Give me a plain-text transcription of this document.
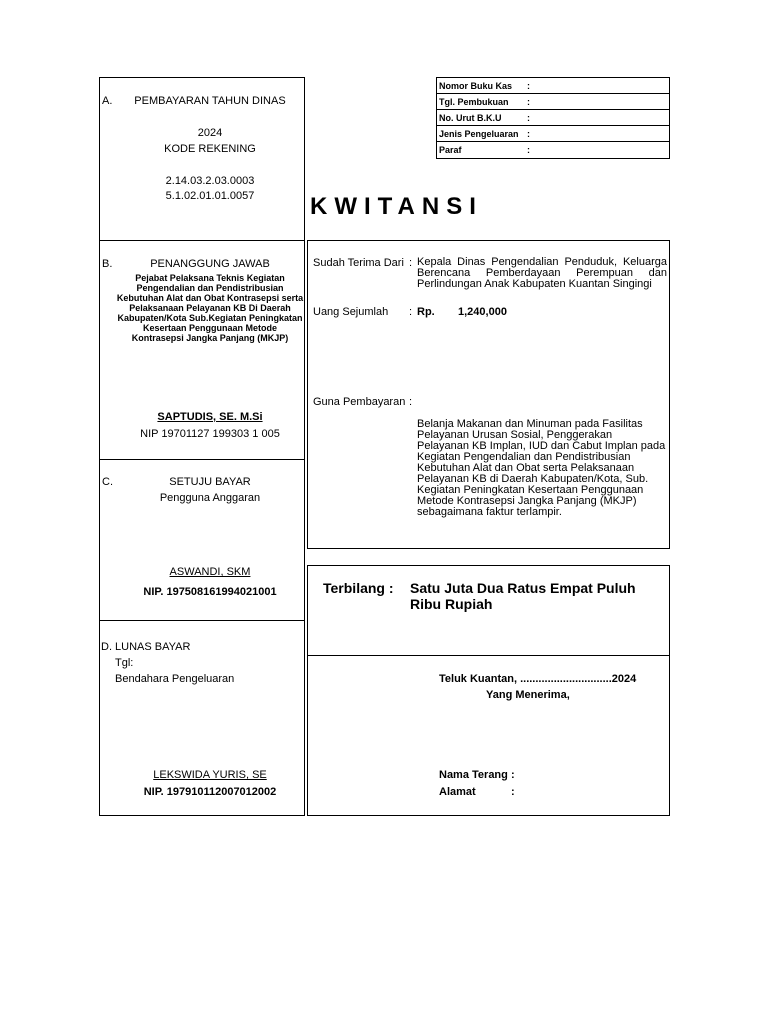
A.	PEMBAYARAN TAHUN DINAS
2024
KODE REKENING
2.14.03.2.03.0003
5.1.02.01.01.0057
B.	PENANGGUNG JAWAB
Pejabat Pelaksana Teknis Kegiatan Pengendalian dan Pendistribusian Kebutuhan Alat dan Obat Kontrasepsi serta Pelaksanaan Pelayanan KB Di Daerah Kabupaten/Kota Sub.Kegiatan Peningkatan Kesertaan Penggunaan Metode Kontrasepsi Jangka Panjang (MKJP)
SAPTUDIS, SE. M.Si
NIP 19701127 199303 1 005
C.	SETUJU BAYAR
Pengguna Anggaran
ASWANDI, SKM
NIP. 197508161994021001
D. LUNAS BAYAR
Tgl:
Bendahara Pengeluaran
LEKSWIDA YURIS, SE
NIP. 197910112007012002
Nomor Buku Kas :
Tgl. Pembukuan :
No. Urut B.K.U	:
Jenis Pengeluaran :
Paraf	:
KWITANSI
Sudah Terima Dari : Kepala Dinas Pengendalian Penduduk, Keluarga Berencana Pemberdayaan Perempuan dan Perlindungan Anak Kabupaten Kuantan Singingi
Uang Sejumlah : Rp. 1,240,000
Guna Pembayaran :
Belanja Makanan dan Minuman pada Fasilitas Pelayanan Urusan Sosial, Penggerakan Pelayanan KB Implan, IUD dan Cabut Implan pada Kegiatan Pengendalian dan Pendistribusian Kebutuhan Alat dan Obat serta Pelaksanaan Pelayanan KB di Daerah Kabupaten/Kota, Sub. Kegiatan Peningkatan Kesertaan Penggunaan Metode Kontrasepsi Jangka Panjang (MKJP) sebagaimana faktur terlampir.
Terbilang : Satu Juta Dua Ratus Empat Puluh Ribu Rupiah
Teluk Kuantan, ..............................2024
Yang Menerima,
Nama Terang :
Alamat	:
